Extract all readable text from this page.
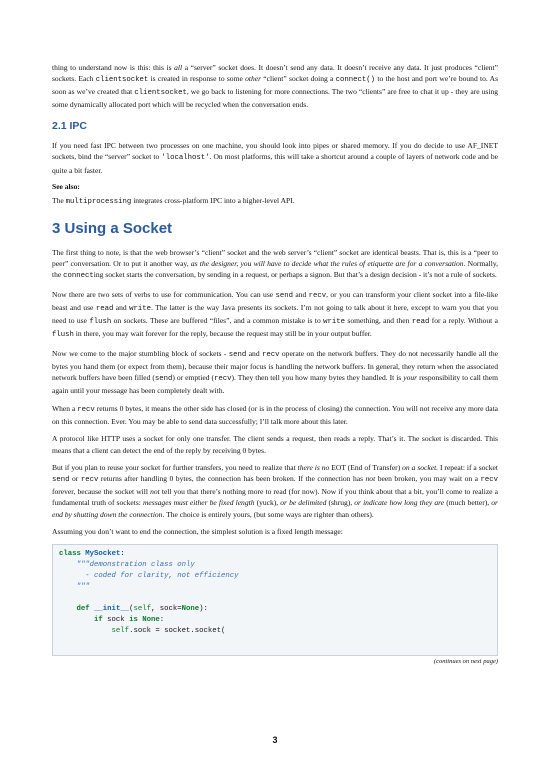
thing to understand now is this: this is all a “server” socket does. It doesn’t send any data. It doesn’t receive any data. It just produces “client” sockets. Each clientsocket is created in response to some other “client” socket doing a connect() to the host and port we’re bound to. As soon as we’ve created that clientsocket, we go back to listening for more connections. The two “clients” are free to chat it up - they are using some dynamically allocated port which will be recycled when the conversation ends.

2.1 IPC

If you need fast IPC between two processes on one machine, you should look into pipes or shared memory. If you do decide to use AF_INET sockets, bind the “server” socket to 'localhost'. On most platforms, this will take a shortcut around a couple of layers of network code and be quite a bit faster.

See also:

The multiprocessing integrates cross-platform IPC into a higher-level API.

3 Using a Socket

The first thing to note, is that the web browser’s “client” socket and the web server’s “client” socket are identical beasts. That is, this is a “peer to peer” conversation. Or to put it another way, as the designer, you will have to decide what the rules of etiquette are for a conversation. Normally, the connecting socket starts the conversation, by sending in a request, or perhaps a signon. But that’s a design decision - it’s not a rule of sockets.

Now there are two sets of verbs to use for communication. You can use send and recv, or you can transform your client socket into a file-like beast and use read and write. The latter is the way Java presents its sockets. I’m not going to talk about it here, except to warn you that you need to use flush on sockets. These are buffered “files”, and a common mistake is to write something, and then read for a reply. Without a flush in there, you may wait forever for the reply, because the request may still be in your output buffer.

Now we come to the major stumbling block of sockets - send and recv operate on the network buffers. They do not necessarily handle all the bytes you hand them (or expect from them), because their major focus is handling the network buffers. In general, they return when the associated network buffers have been filled (send) or emptied (recv). They then tell you how many bytes they handled. It is your responsibility to call them again until your message has been completely dealt with.

When a recv returns 0 bytes, it means the other side has closed (or is in the process of closing) the connection. You will not receive any more data on this connection. Ever. You may be able to send data successfully; I’ll talk more about this later.

A protocol like HTTP uses a socket for only one transfer. The client sends a request, then reads a reply. That’s it. The socket is discarded. This means that a client can detect the end of the reply by receiving 0 bytes.

But if you plan to reuse your socket for further transfers, you need to realize that there is no EOT (End of Transfer) on a socket. I repeat: if a socket send or recv returns after handling 0 bytes, the connection has been broken. If the connection has not been broken, you may wait on a recv forever, because the socket will not tell you that there’s nothing more to read (for now). Now if you think about that a bit, you’ll come to realize a fundamental truth of sockets: messages must either be fixed length (yuck), or be delimited (shrug), or indicate how long they are (much better), or end by shutting down the connection. The choice is entirely yours, (but some ways are righter than others).

Assuming you don’t want to end the connection, the simplest solution is a fixed length message:

class MySocket:
"""demonstration class only
- coded for clarity, not efficiency
"""

def __init__(self, sock=None):
if sock is None:
self.sock = socket.socket(
(continues on next page)
3
